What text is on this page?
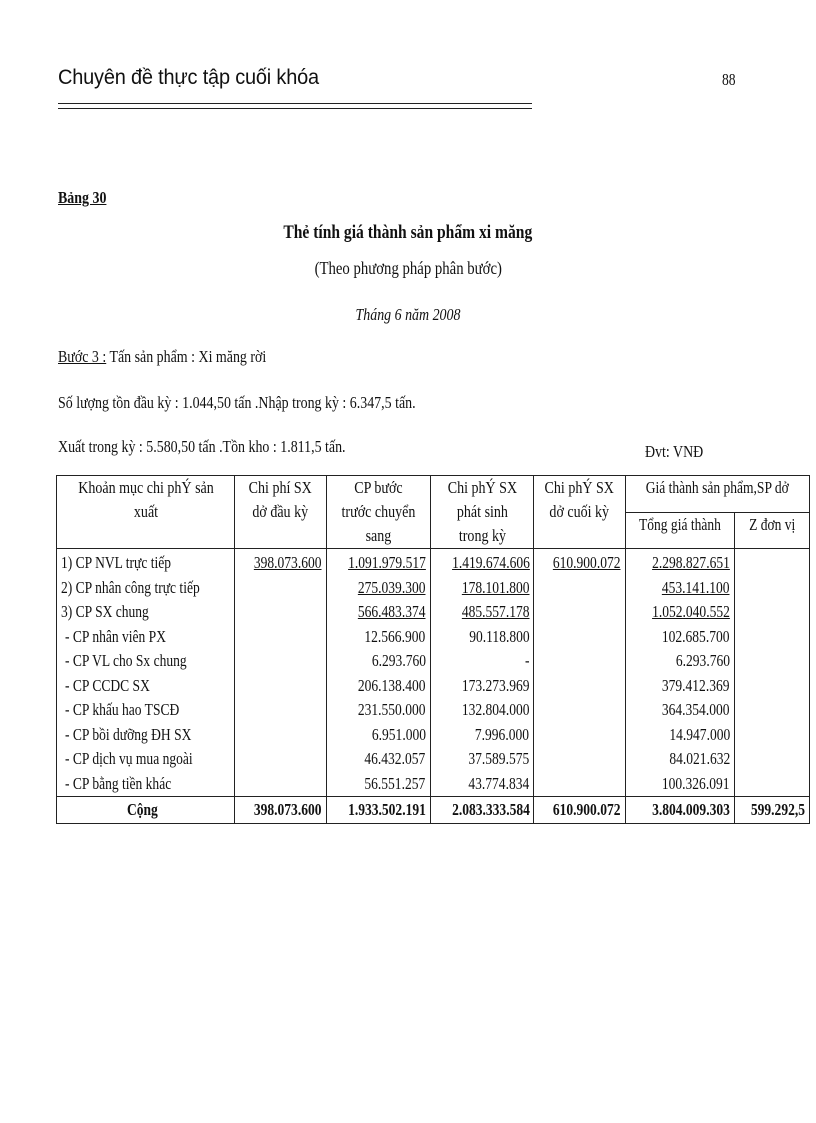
Chuyên đề thực tập cuối khóa	88
Bảng 30
Thẻ tính giá thành sản phẩm xi măng
(Theo phương pháp phân bước)
Tháng 6 năm 2008
Bước 3 : Tấn sản phẩm : Xi măng rời
Số lượng tồn đầu kỳ : 1.044,50 tấn .Nhập trong kỳ : 6.347,5 tấn.
Xuất trong kỳ : 5.580,50 tấn .Tồn kho : 1.811,5 tấn.	Đvt: VNĐ
Khoản mục chi phÝ sản xuất	Chi phí SX dở đầu kỳ	CP bước trước chuyển sang	Chi phÝ SX phát sinh trong kỳ	Chi phÝ SX dở cuối kỳ	Giá thành sản phẩm,SP dở	
					Tổng giá thành	Z đơn vị
1) CP NVL trực tiếp	398.073.600	1.091.979.517	1.419.674.606	610.900.072	2.298.827.651	
2) CP nhân công trực tiếp		275.039.300	178.101.800		453.141.100	
3) CP SX chung		566.483.374	485.557.178		1.052.040.552	
- CP nhân viên PX		12.566.900	90.118.800		102.685.700	
- CP VL cho Sx chung		6.293.760	-		6.293.760	
- CP CCDC SX		206.138.400	173.273.969		379.412.369	
- CP khấu hao TSCĐ		231.550.000	132.804.000		364.354.000	
- CP bồi dưỡng ĐH SX		6.951.000	7.996.000		14.947.000	
- CP dịch vụ mua ngoài		46.432.057	37.589.575		84.021.632	
- CP bằng tiền khác		56.551.257	43.774.834		100.326.091	
Cộng	398.073.600	1.933.502.191	2.083.333.584	610.900.072	3.804.009.303	599.292,5
